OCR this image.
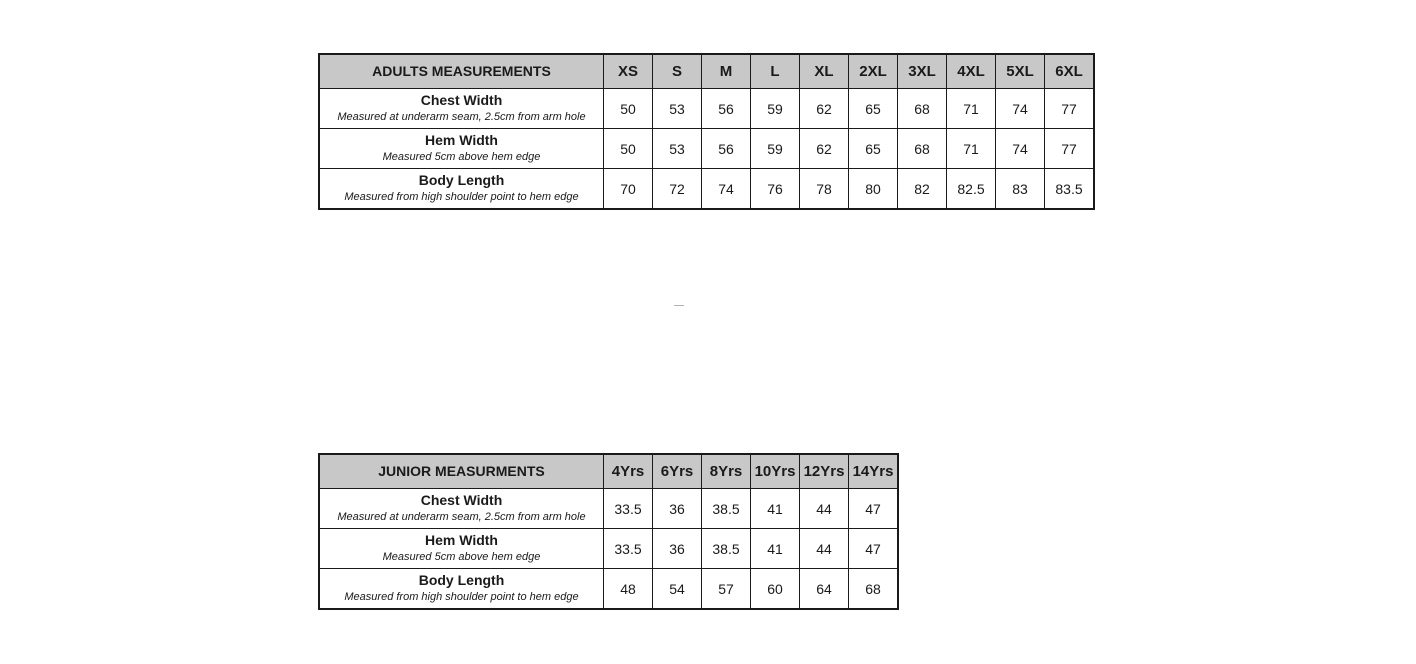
ADULTS MEASUREMENTS	XS	S	M	L	XL	2XL	3XL	4XL	5XL	6XL

Chest Width
Measured at underarm seam, 2.5cm from arm hole	50	53	56	59	62	65	68	71	74	77

Hem Width
Measured 5cm above hem edge	50	53	56	59	62	65	68	71	74	77

Body Length
Measured from high shoulder point to hem edge	70	72	74	76	78	80	82	82.5	83	83.5
JUNIOR MEASURMENTS	4Yrs	6Yrs	8Yrs	10Yrs	12Yrs	14Yrs

Chest Width
Measured at underarm seam, 2.5cm from arm hole	33.5	36	38.5	41	44	47

Hem Width
Measured 5cm above hem edge	33.5	36	38.5	41	44	47

Body Length
Measured from high shoulder point to hem edge	48	54	57	60	64	68
